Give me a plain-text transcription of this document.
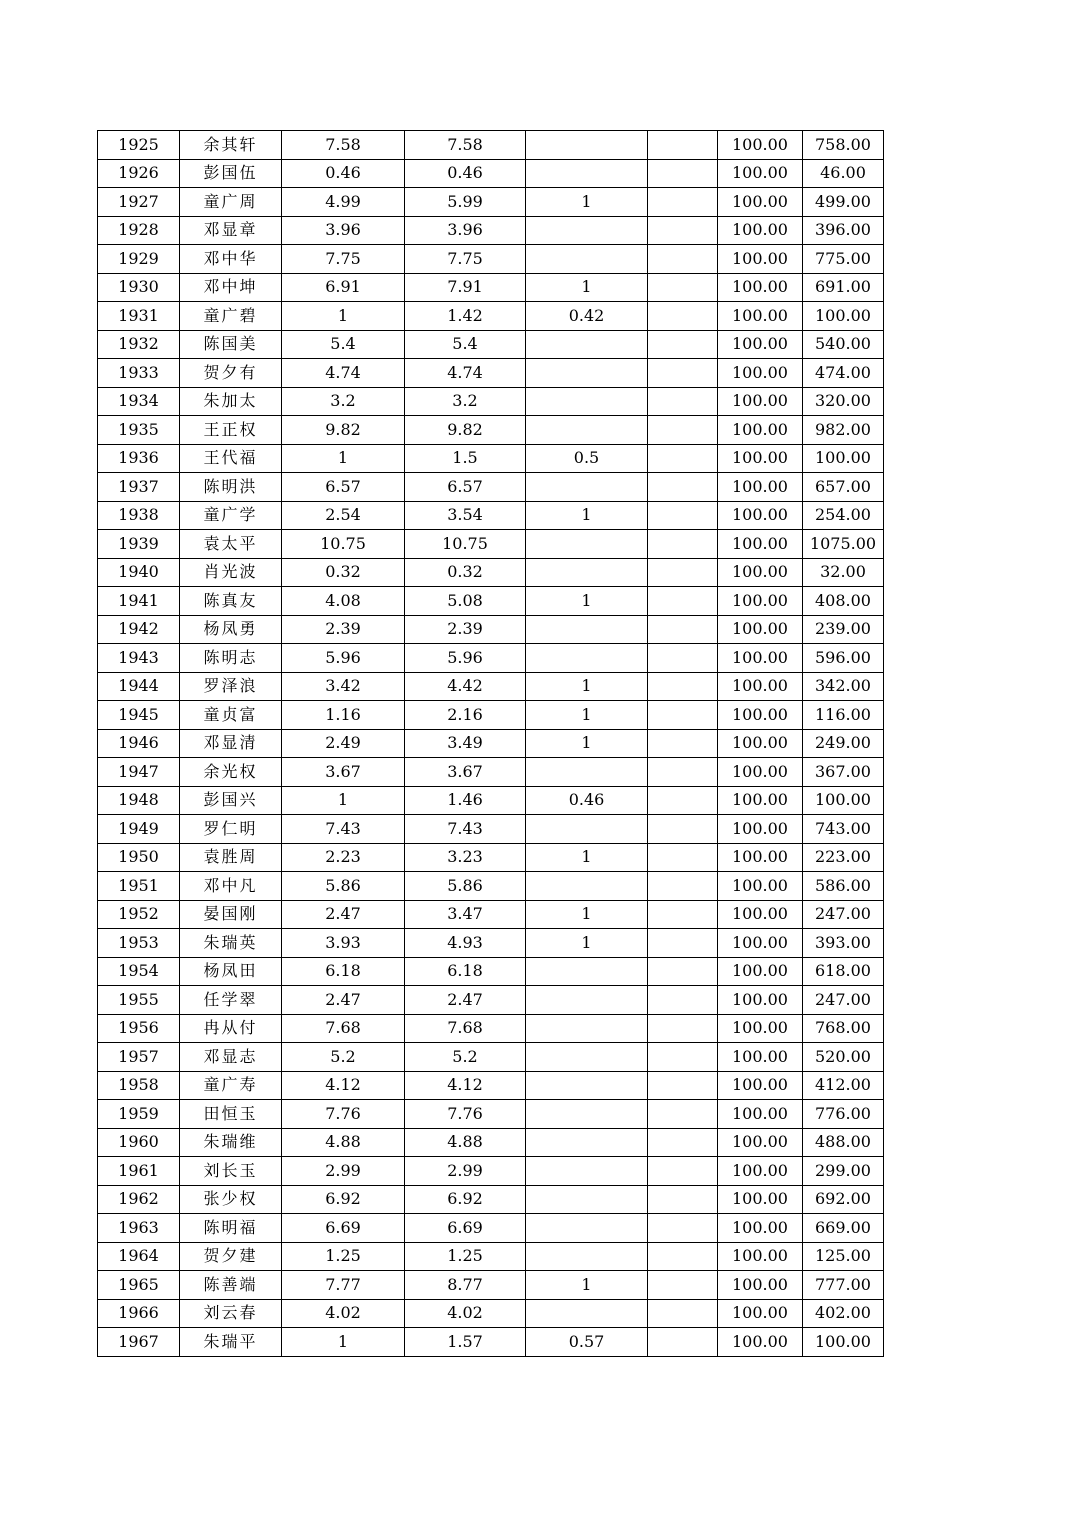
1925	余其轩	7.58	7.58			100.00	758.00
1926	彭国伍	0.46	0.46			100.00	46.00
1927	童广周	4.99	5.99	1		100.00	499.00
1928	邓显章	3.96	3.96			100.00	396.00
1929	邓中华	7.75	7.75			100.00	775.00
1930	邓中坤	6.91	7.91	1		100.00	691.00
1931	童广碧	1	1.42	0.42		100.00	100.00
1932	陈国美	5.4	5.4			100.00	540.00
1933	贺夕有	4.74	4.74			100.00	474.00
1934	朱加太	3.2	3.2			100.00	320.00
1935	王正权	9.82	9.82			100.00	982.00
1936	王代福	1	1.5	0.5		100.00	100.00
1937	陈明洪	6.57	6.57			100.00	657.00
1938	童广学	2.54	3.54	1		100.00	254.00
1939	袁太平	10.75	10.75			100.00	1075.00
1940	肖光波	0.32	0.32			100.00	32.00
1941	陈真友	4.08	5.08	1		100.00	408.00
1942	杨凤勇	2.39	2.39			100.00	239.00
1943	陈明志	5.96	5.96			100.00	596.00
1944	罗泽浪	3.42	4.42	1		100.00	342.00
1945	童贞富	1.16	2.16	1		100.00	116.00
1946	邓显清	2.49	3.49	1		100.00	249.00
1947	余光权	3.67	3.67			100.00	367.00
1948	彭国兴	1	1.46	0.46		100.00	100.00
1949	罗仁明	7.43	7.43			100.00	743.00
1950	袁胜周	2.23	3.23	1		100.00	223.00
1951	邓中凡	5.86	5.86			100.00	586.00
1952	晏国刚	2.47	3.47	1		100.00	247.00
1953	朱瑞英	3.93	4.93	1		100.00	393.00
1954	杨凤田	6.18	6.18			100.00	618.00
1955	任学翠	2.47	2.47			100.00	247.00
1956	冉从付	7.68	7.68			100.00	768.00
1957	邓显志	5.2	5.2			100.00	520.00
1958	童广寿	4.12	4.12			100.00	412.00
1959	田恒玉	7.76	7.76			100.00	776.00
1960	朱瑞维	4.88	4.88			100.00	488.00
1961	刘长玉	2.99	2.99			100.00	299.00
1962	张少权	6.92	6.92			100.00	692.00
1963	陈明福	6.69	6.69			100.00	669.00
1964	贺夕建	1.25	1.25			100.00	125.00
1965	陈善端	7.77	8.77	1		100.00	777.00
1966	刘云春	4.02	4.02			100.00	402.00
1967	朱瑞平	1	1.57	0.57		100.00	100.00
